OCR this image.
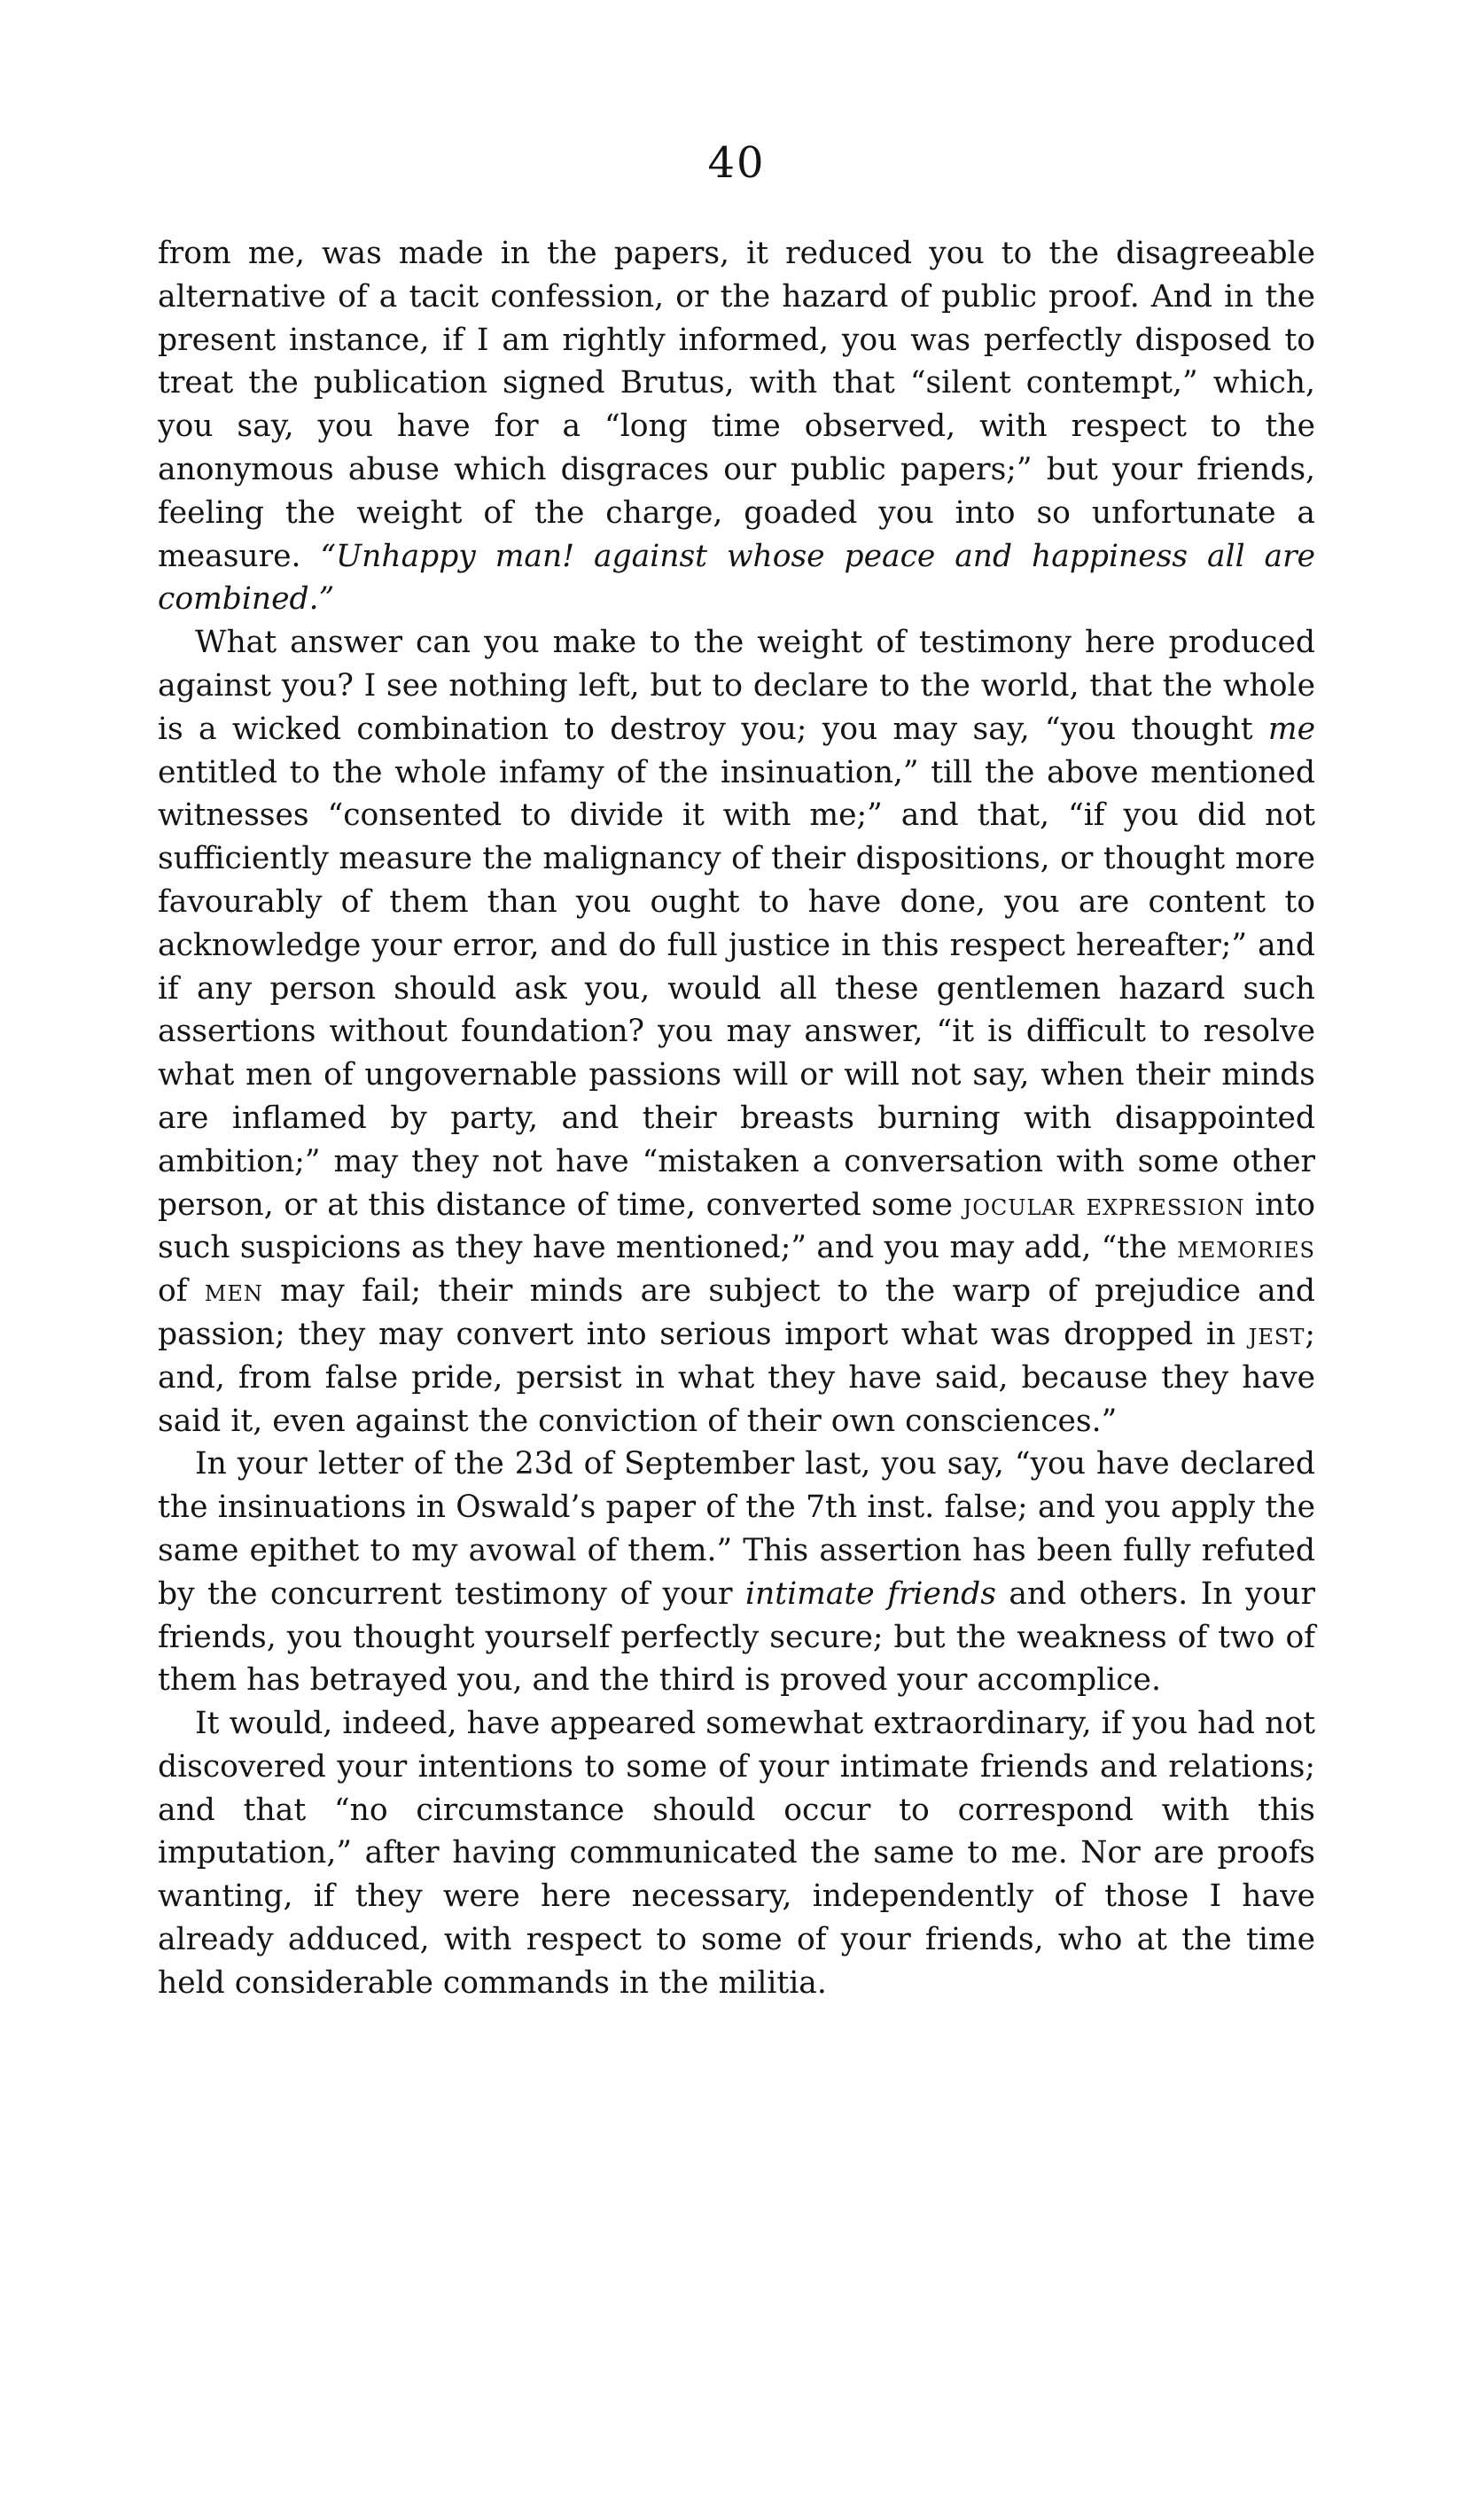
40

from me, was made in the papers, it reduced you to the disagreeable alternative of a tacit confession, or the hazard of public proof. And in the present instance, if I am rightly informed, you was perfectly disposed to treat the publication signed Brutus, with that “silent contempt,” which, you say, you have for a “long time observed, with respect to the anonymous abuse which disgraces our public papers;” but your friends, feeling the weight of the charge, goaded you into so unfortunate a measure. “Unhappy man! against whose peace and happiness all are combined.”

What answer can you make to the weight of testimony here produced against you? I see nothing left, but to declare to the world, that the whole is a wicked combination to destroy you; you may say, “you thought me entitled to the whole infamy of the insinuation,” till the above mentioned witnesses “consented to divide it with me;” and that, “if you did not sufficiently measure the malignancy of their dispositions, or thought more favourably of them than you ought to have done, you are content to acknowledge your error, and do full justice in this respect hereafter;” and if any person should ask you, would all these gentlemen hazard such assertions without foundation? you may answer, “it is difficult to resolve what men of ungovernable passions will or will not say, when their minds are inflamed by party, and their breasts burning with disappointed ambition;” may they not have “mistaken a conversation with some other person, or at this distance of time, converted some jocular expression into such suspicions as they have mentioned;” and you may add, “the memories of men may fail; their minds are subject to the warp of prejudice and passion; they may convert into serious import what was dropped in jest; and, from false pride, persist in what they have said, because they have said it, even against the conviction of their own consciences.”

In your letter of the 23d of September last, you say, “you have declared the insinuations in Oswald’s paper of the 7th inst. false; and you apply the same epithet to my avowal of them.” This assertion has been fully refuted by the concurrent testimony of your intimate friends and others. In your friends, you thought yourself perfectly secure; but the weakness of two of them has betrayed you, and the third is proved your accomplice.

It would, indeed, have appeared somewhat extraordinary, if you had not discovered your intentions to some of your intimate friends and relations; and that “no circumstance should occur to correspond with this imputation,” after having communicated the same to me. Nor are proofs wanting, if they were here necessary, independently of those I have already adduced, with respect to some of your friends, who at the time held considerable commands in the militia.
